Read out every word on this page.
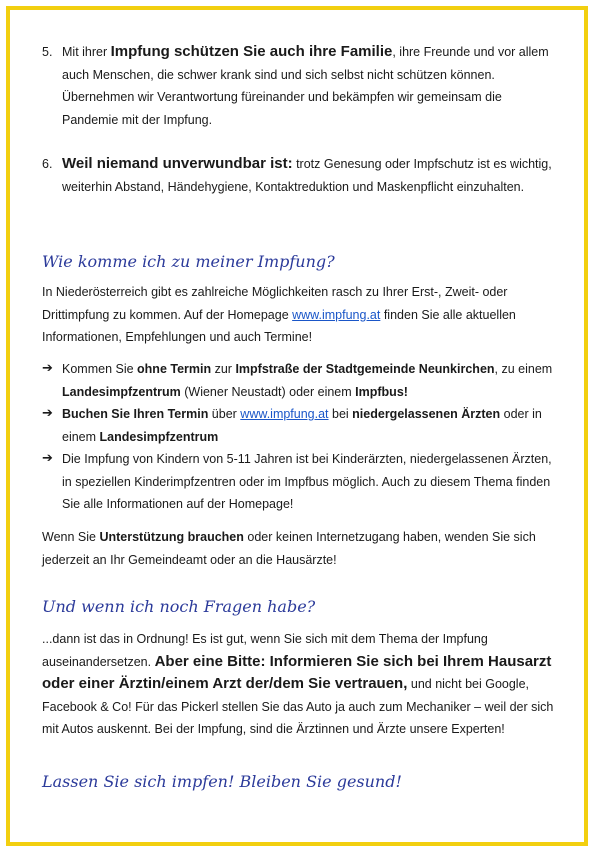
5. Mit ihrer Impfung schützen Sie auch ihre Familie, ihre Freunde und vor allem auch Menschen, die schwer krank sind und sich selbst nicht schützen können. Übernehmen wir Verantwortung füreinander und bekämpfen wir gemeinsam die Pandemie mit der Impfung.
6. Weil niemand unverwundbar ist: trotz Genesung oder Impfschutz ist es wichtig, weiterhin Abstand, Händehygiene, Kontaktreduktion und Maskenpflicht einzuhalten.
Wie komme ich zu meiner Impfung?
In Niederösterreich gibt es zahlreiche Möglichkeiten rasch zu Ihrer Erst-, Zweit- oder Drittimpfung zu kommen. Auf der Homepage www.impfung.at finden Sie alle aktuellen Informationen, Empfehlungen und auch Termine!
➔ Kommen Sie ohne Termin zur Impfstraße der Stadtgemeinde Neunkirchen, zu einem Landesimpfzentrum (Wiener Neustadt) oder einem Impfbus!
➔ Buchen Sie Ihren Termin über www.impfung.at bei niedergelassenen Ärzten oder in einem Landesimpfzentrum
➔ Die Impfung von Kindern von 5-11 Jahren ist bei Kinderärzten, niedergelassenen Ärzten, in speziellen Kinderimpfzentren oder im Impfbus möglich. Auch zu diesem Thema finden Sie alle Informationen auf der Homepage!
Wenn Sie Unterstützung brauchen oder keinen Internetzugang haben, wenden Sie sich jederzeit an Ihr Gemeindeamt oder an die Hausärzte!
Und wenn ich noch Fragen habe?
...dann ist das in Ordnung! Es ist gut, wenn Sie sich mit dem Thema der Impfung auseinandersetzen. Aber eine Bitte: Informieren Sie sich bei Ihrem Hausarzt oder einer Ärztin/einem Arzt der/dem Sie vertrauen, und nicht bei Google, Facebook & Co! Für das Pickerl stellen Sie das Auto ja auch zum Mechaniker – weil der sich mit Autos auskennt. Bei der Impfung, sind die Ärztinnen und Ärzte unsere Experten!
Lassen Sie sich impfen! Bleiben Sie gesund!
